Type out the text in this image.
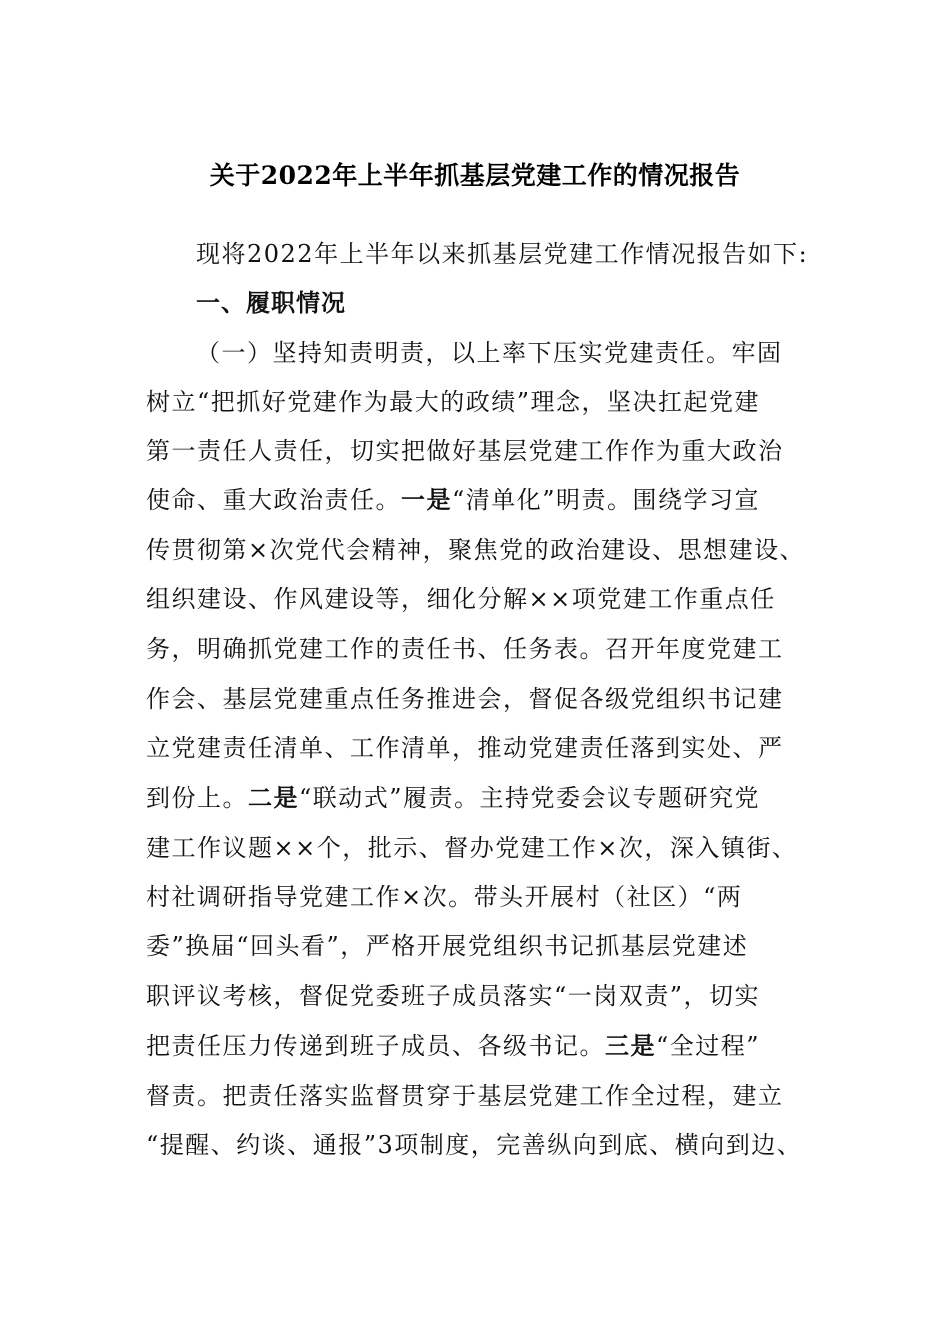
关于2022年上半年抓基层党建工作的情况报告
现将2022年上半年以来抓基层党建工作情况报告如下:
一、履职情况
（一）坚持知责明责，以上率下压实党建责任。牢固
树立“把抓好党建作为最大的政绩”理念，坚决扛起党建
第一责任人责任，切实把做好基层党建工作作为重大政治
使命、重大政治责任。一是“清单化”明责。围绕学习宣
传贯彻第×次党代会精神，聚焦党的政治建设、思想建设、
组织建设、作风建设等，细化分解××项党建工作重点任
务，明确抓党建工作的责任书、任务表。召开年度党建工
作会、基层党建重点任务推进会，督促各级党组织书记建
立党建责任清单、工作清单，推动党建责任落到实处、严
到份上。二是“联动式”履责。主持党委会议专题研究党
建工作议题××个，批示、督办党建工作×次，深入镇街、
村社调研指导党建工作×次。带头开展村（社区）“两
委”换届“回头看”，严格开展党组织书记抓基层党建述
职评议考核，督促党委班子成员落实“一岗双责”，切实
把责任压力传递到班子成员、各级书记。三是“全过程”
督责。把责任落实监督贯穿于基层党建工作全过程，建立
“提醒、约谈、通报”3项制度，完善纵向到底、横向到边、
